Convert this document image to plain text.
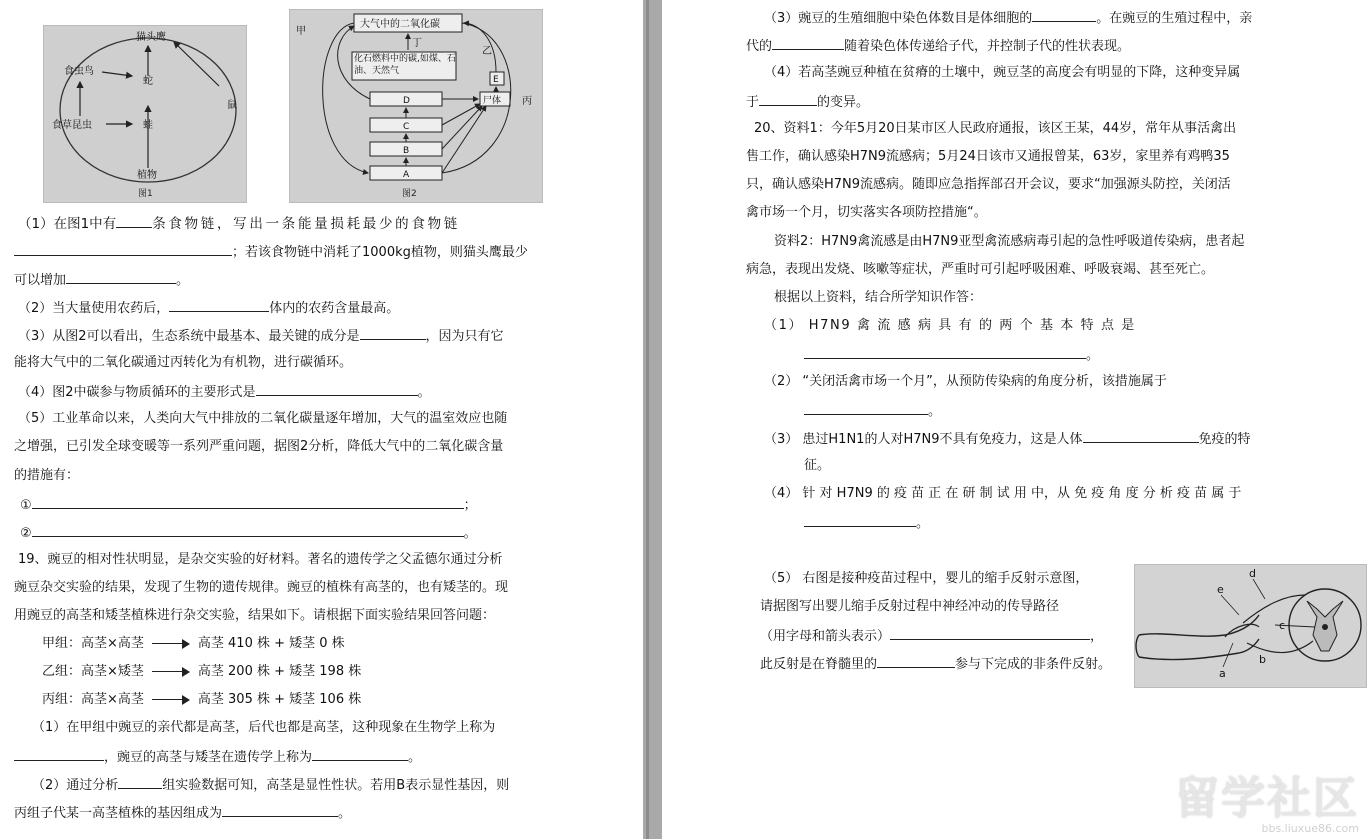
猫头鹰
食虫鸟
蛇
鼠
食草昆虫	蛙
植物
图1
大气中的二氧化碳
丁
化石燃料中的碳,如煤、石油、天然气
D
C
B
A
尸体
E
乙
甲
丙
图2
（1）在图1中有	条食物链，写出一条能量损耗最少的食物链
；若该食物链中消耗了1000kg植物，则猫头鹰最少
可以增加	。
（2）当大量使用农药后，	体内的农药含量最高。
（3）从图2可以看出，生态系统中最基本、最关键的成分是	，因为只有它
能将大气中的二氧化碳通过丙转化为有机物，进行碳循环。
（4）图2中碳参与物质循环的主要形式是	。
（5）工业革命以来，人类向大气中排放的二氧化碳量逐年增加，大气的温室效应也随
之增强，已引发全球变暖等一系列严重问题，据图2分析，降低大气中的二氧化碳含量
的措施有：
①	；
②	。
19、豌豆的相对性状明显，是杂交实验的好材料。著名的遗传学之父孟德尔通过分析
豌豆杂交实验的结果，发现了生物的遗传规律。豌豆的植株有高茎的，也有矮茎的。现
用豌豆的高茎和矮茎植株进行杂交实验，结果如下。请根据下面实验结果回答问题：
甲组：高茎×高茎	高茎 410 株 + 矮茎 0 株
乙组：高茎×矮茎	高茎 200 株 + 矮茎 198 株
丙组：高茎×高茎	高茎 305 株 + 矮茎 106 株
（1）在甲组中豌豆的亲代都是高茎，后代也都是高茎，这种现象在生物学上称为
，豌豆的高茎与矮茎在遗传学上称为	。
（2）通过分析	组实验数据可知，高茎是显性性状。若用B表示显性基因，则
丙组子代某一高茎植株的基因组成为	。
（3）豌豆的生殖细胞中染色体数目是体细胞的	。在豌豆的生殖过程中，亲
代的	随着染色体传递给子代，并控制子代的性状表现。
（4）若高茎豌豆种植在贫瘠的土壤中，豌豆茎的高度会有明显的下降，这种变异属
于	的变异。
20、资料1：今年5月20日某市区人民政府通报，该区王某，44岁，常年从事活禽出
售工作，确认感染H7N9流感病；5月24日该市又通报曾某，63岁，家里养有鸡鸭35
只，确认感染H7N9流感病。随即应急指挥部召开会议，要求“加强源头防控，关闭活
禽市场一个月，切实落实各项防控措施“。
资料2：H7N9禽流感是由H7N9亚型禽流感病毒引起的急性呼吸道传染病，患者起
病急，表现出发烧、咳嗽等症状，严重时可引起呼吸困难、呼吸衰竭、甚至死亡。
根据以上资料，结合所学知识作答：
（1） H7N9 禽 流 感 病 具 有 的 两 个 基 本 特 点 是
。
（2） “关闭活禽市场一个月”，从预防传染病的角度分析，该措施属于
。
（3） 患过H1N1的人对H7N9不具有免疫力，这是人体	免疫的特
征。
（4） 针 对 H7N9 的 疫 苗 正 在 研 制 试 用 中，从 免 疫 角 度 分 析 疫 苗 属 于
。
（5） 右图是接种疫苗过程中，婴儿的缩手反射示意图，
请据图写出婴儿缩手反射过程中神经冲动的传导路径
（用字母和箭头表示）	，
此反射是在脊髓里的	参与下完成的非条件反射。
d
e
c
b
a
留学社区
bbs.liuxue86.com
